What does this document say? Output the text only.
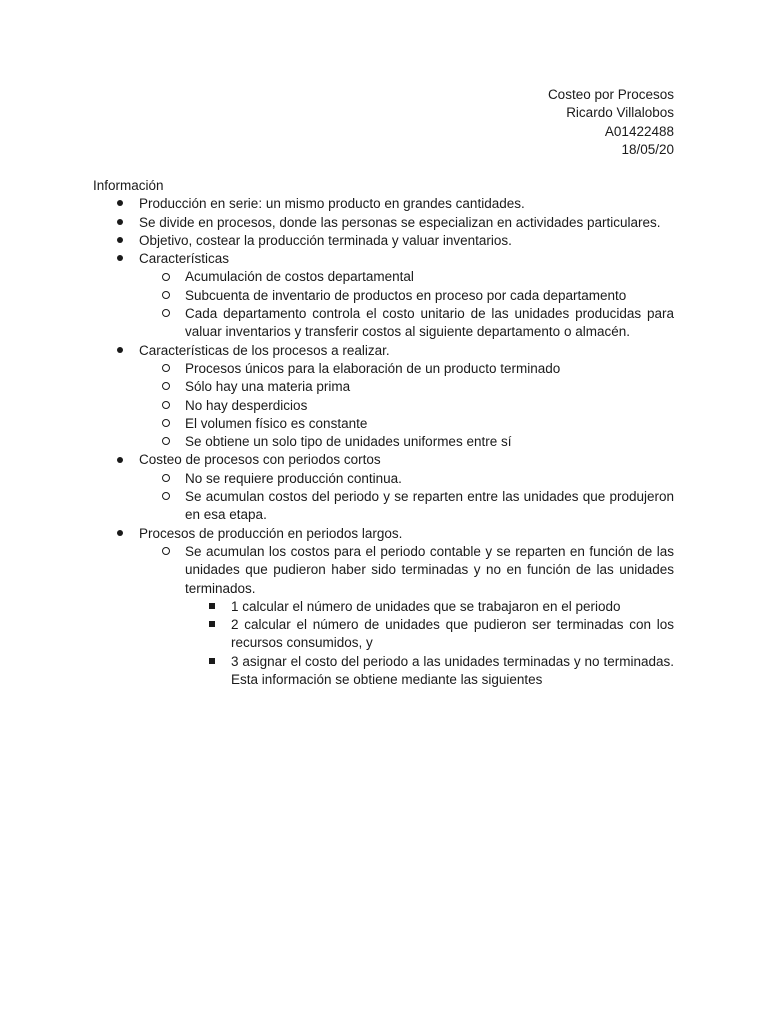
Costeo por Procesos
Ricardo Villalobos
A01422488
18/05/20
Información
Producción en serie: un mismo producto en grandes cantidades.
Se divide en procesos, donde las personas se especializan en actividades particulares.
Objetivo, costear la producción terminada y valuar inventarios.
Características
Acumulación de costos departamental
Subcuenta de inventario de productos en proceso por cada departamento
Cada departamento controla el costo unitario de las unidades producidas para valuar inventarios y transferir costos al siguiente departamento o almacén.
Características de los procesos a realizar.
Procesos únicos para la elaboración de un producto terminado
Sólo hay una materia prima
No hay desperdicios
El volumen físico es constante
Se obtiene un solo tipo de unidades uniformes entre sí
Costeo de procesos con periodos cortos
No se requiere producción continua.
Se acumulan costos del periodo y se reparten entre las unidades que produjeron en esa etapa.
Procesos de producción en periodos largos.
Se acumulan los costos para el periodo contable y se reparten en función de las unidades que pudieron haber sido terminadas y no en función de las unidades terminados.
1 calcular el número de unidades que se trabajaron en el periodo
2 calcular el número de unidades que pudieron ser terminadas con los recursos consumidos, y
3 asignar el costo del periodo a las unidades terminadas y no terminadas. Esta información se obtiene mediante las siguientes
